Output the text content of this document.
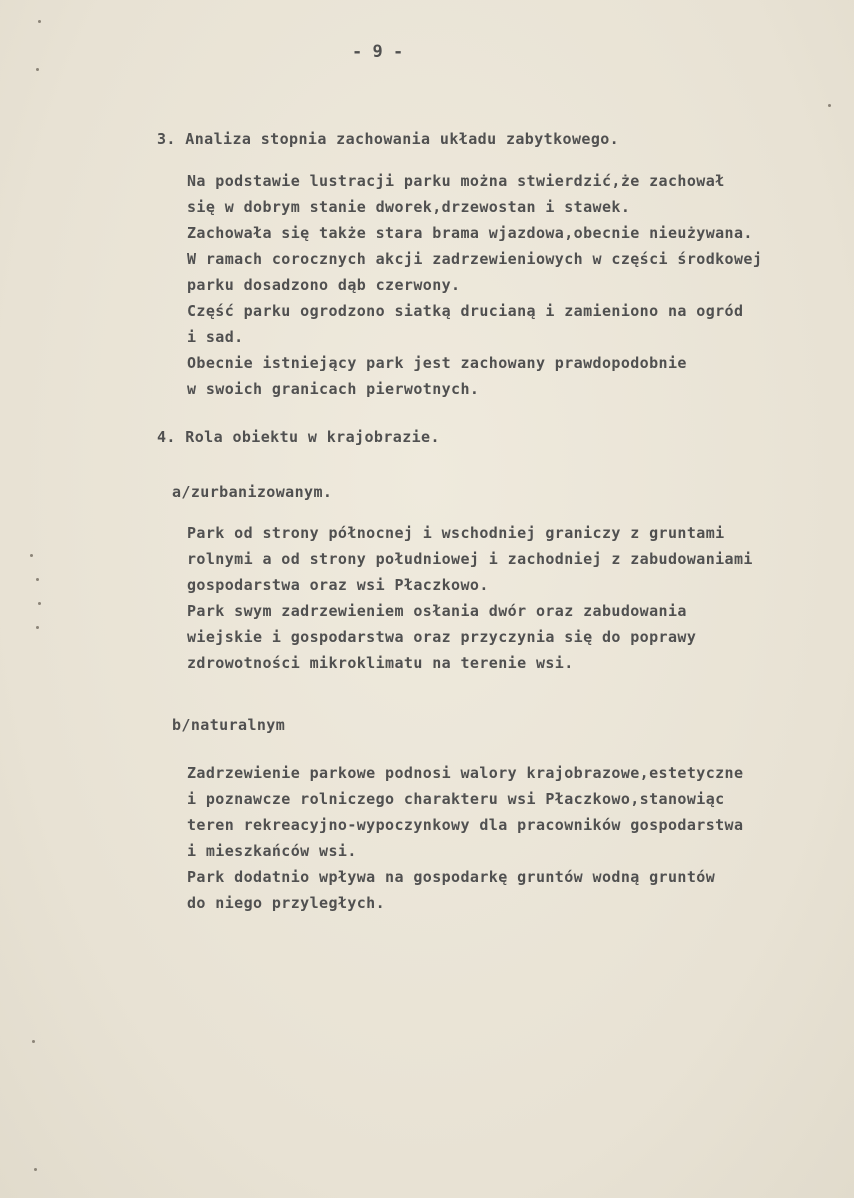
- 9 -
3. Analiza stopnia zachowania układu zabytkowego.
Na podstawie lustracji parku można stwierdzić,że zachował
się w dobrym stanie dworek,drzewostan i stawek.
Zachowała się także stara brama wjazdowa,obecnie nieużywana.
W ramach corocznych akcji zadrzewieniowych w części środkowej
parku dosadzono dąb czerwony.
Część parku ogrodzono siatką drucianą i zamieniono na ogród
i sad.
Obecnie istniejący park jest zachowany prawdopodobnie
w swoich granicach pierwotnych.
4. Rola obiektu w krajobrazie.
a/zurbanizowanym.
Park od strony północnej i wschodniej graniczy z gruntami
rolnymi a od strony południowej i zachodniej z zabudowaniami
gospodarstwa oraz wsi Płaczkowo.
Park swym zadrzewieniem osłania dwór oraz zabudowania
wiejskie i gospodarstwa oraz przyczynia się do poprawy
zdrowotności mikroklimatu na terenie wsi.
b/naturalnym
Zadrzewienie parkowe podnosi walory krajobrazowe,estetyczne
i poznawcze rolniczego charakteru wsi Płaczkowo,stanowiąc
teren rekreacyjno-wypoczynkowy dla pracowników gospodarstwa
i mieszkańców wsi.
Park dodatnio wpływa na gospodarkę gruntów wodną gruntów
do niego przyległych.
